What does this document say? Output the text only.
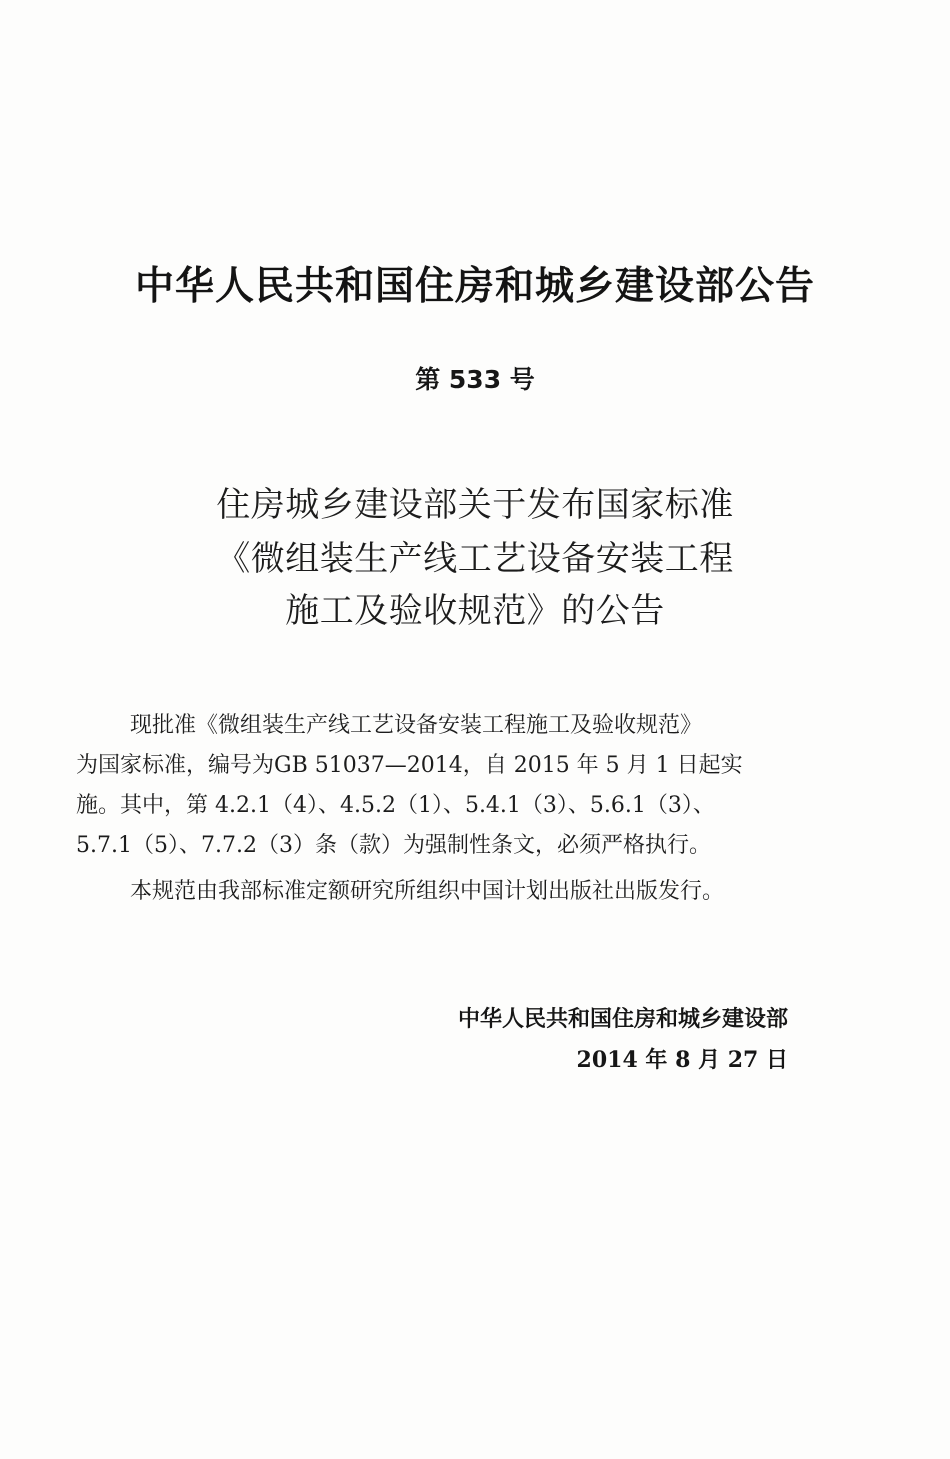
中华人民共和国住房和城乡建设部公告
第 533 号
住房城乡建设部关于发布国家标准
《微组装生产线工艺设备安装工程
施工及验收规范》的公告
现批准《微组装生产线工艺设备安装工程施工及验收规范》
为国家标准，编号为GB 51037—2014，自 2015 年 5 月 1 日起实
施。其中，第 4.2.1（4）、4.5.2（1）、5.4.1（3）、5.6.1（3）、
5.7.1（5）、7.7.2（3）条（款）为强制性条文，必须严格执行。
本规范由我部标准定额研究所组织中国计划出版社出版发行。
中华人民共和国住房和城乡建设部
2014 年 8 月 27 日
